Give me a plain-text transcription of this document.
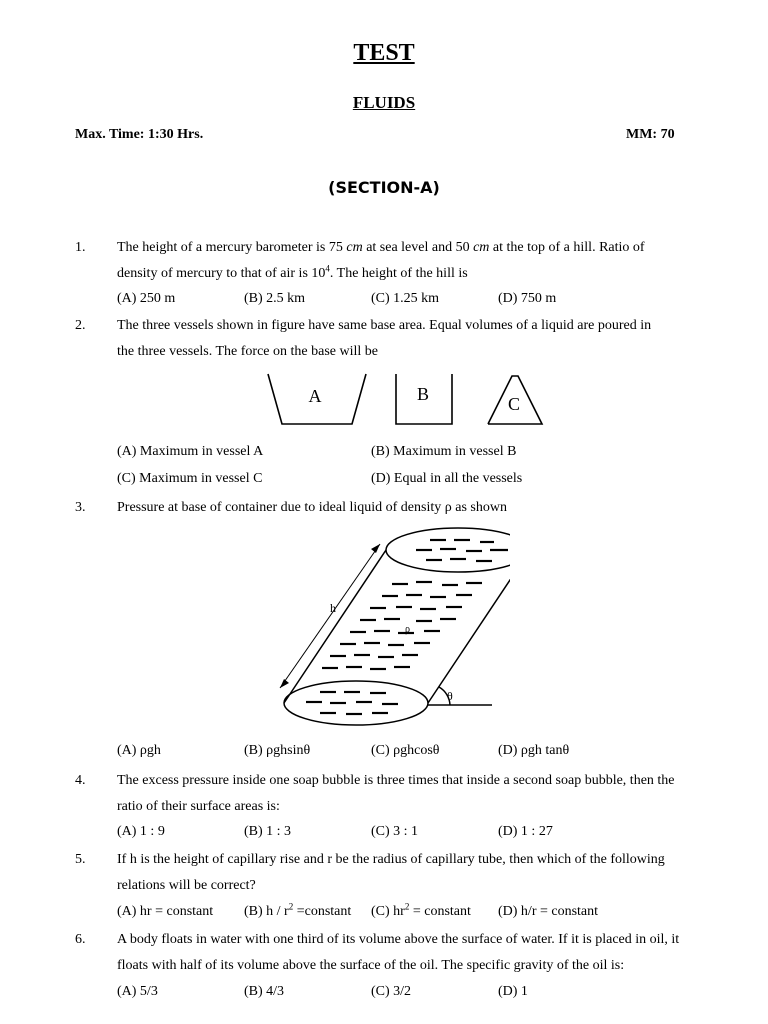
TEST
FLUIDS
Max. Time: 1:30 Hrs.	MM: 70
(SECTION-A)
1. The height of a mercury barometer is 75 cm at sea level and 50 cm at the top of a hill. Ratio of
density of mercury to that of air is $10^4$. The height of the hill is
(A) 250 m	(B) 2.5 km	(C) 1.25 km	(D) 750 m
2. The three vessels shown in figure have same base area. Equal volumes of a liquid are poured in
the three vessels. The force on the base will be
A	B	C
(A) Maximum in vessel A	(B) Maximum in vessel B
(C) Maximum in vessel C	(D) Equal in all the vessels
3. Pressure at base of container due to ideal liquid of density ρ as shown
h
ρ
θ
(A) ρgh	(B) ρghsinθ	(C) ρghcosθ	(D) ρgh tanθ
4. The excess pressure inside one soap bubble is three times that inside a second soap bubble, then the
ratio of their surface areas is:
(A) 1 : 9	(B) 1 : 3	(C) 3 : 1	(D) 1 : 27
5. If h is the height of capillary rise and r be the radius of capillary tube, then which of the following
relations will be correct?
(A) hr = constant (B) h / $r^2$ =constant (C) $hr^2$ = constant (D) h/r = constant
6. A body floats in water with one third of its volume above the surface of water. If it is placed in oil, it
floats with half of its volume above the surface of the oil. The specific gravity of the oil is:
(A) 5/3	(B) 4/3	(C) 3/2	(D) 1
